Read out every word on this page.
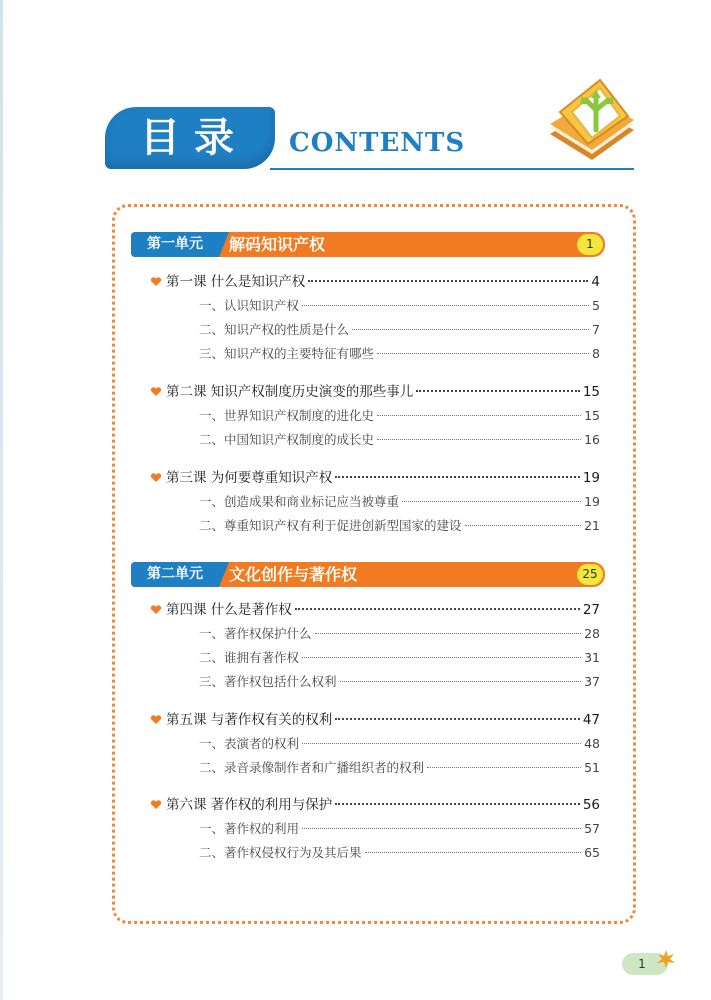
目录	CONTENTS
第一单元	解码知识产权	1
第一课 什么是知识产权	4
一、认识知识产权	5
二、知识产权的性质是什么	7
三、知识产权的主要特征有哪些	8
第二课 知识产权制度历史演变的那些事儿	15
一、世界知识产权制度的进化史	15
二、中国知识产权制度的成长史	16
第三课 为何要尊重知识产权	19
一、创造成果和商业标记应当被尊重	19
二、尊重知识产权有利于促进创新型国家的建设	21
第二单元	文化创作与著作权	25
第四课 什么是著作权	27
一、著作权保护什么	28
二、谁拥有著作权	31
三、著作权包括什么权利	37
第五课 与著作权有关的权利	47
一、表演者的权利	48
二、录音录像制作者和广播组织者的权利	51
第六课 著作权的利用与保护	56
一、著作权的利用	57
二、著作权侵权行为及其后果	65
1
